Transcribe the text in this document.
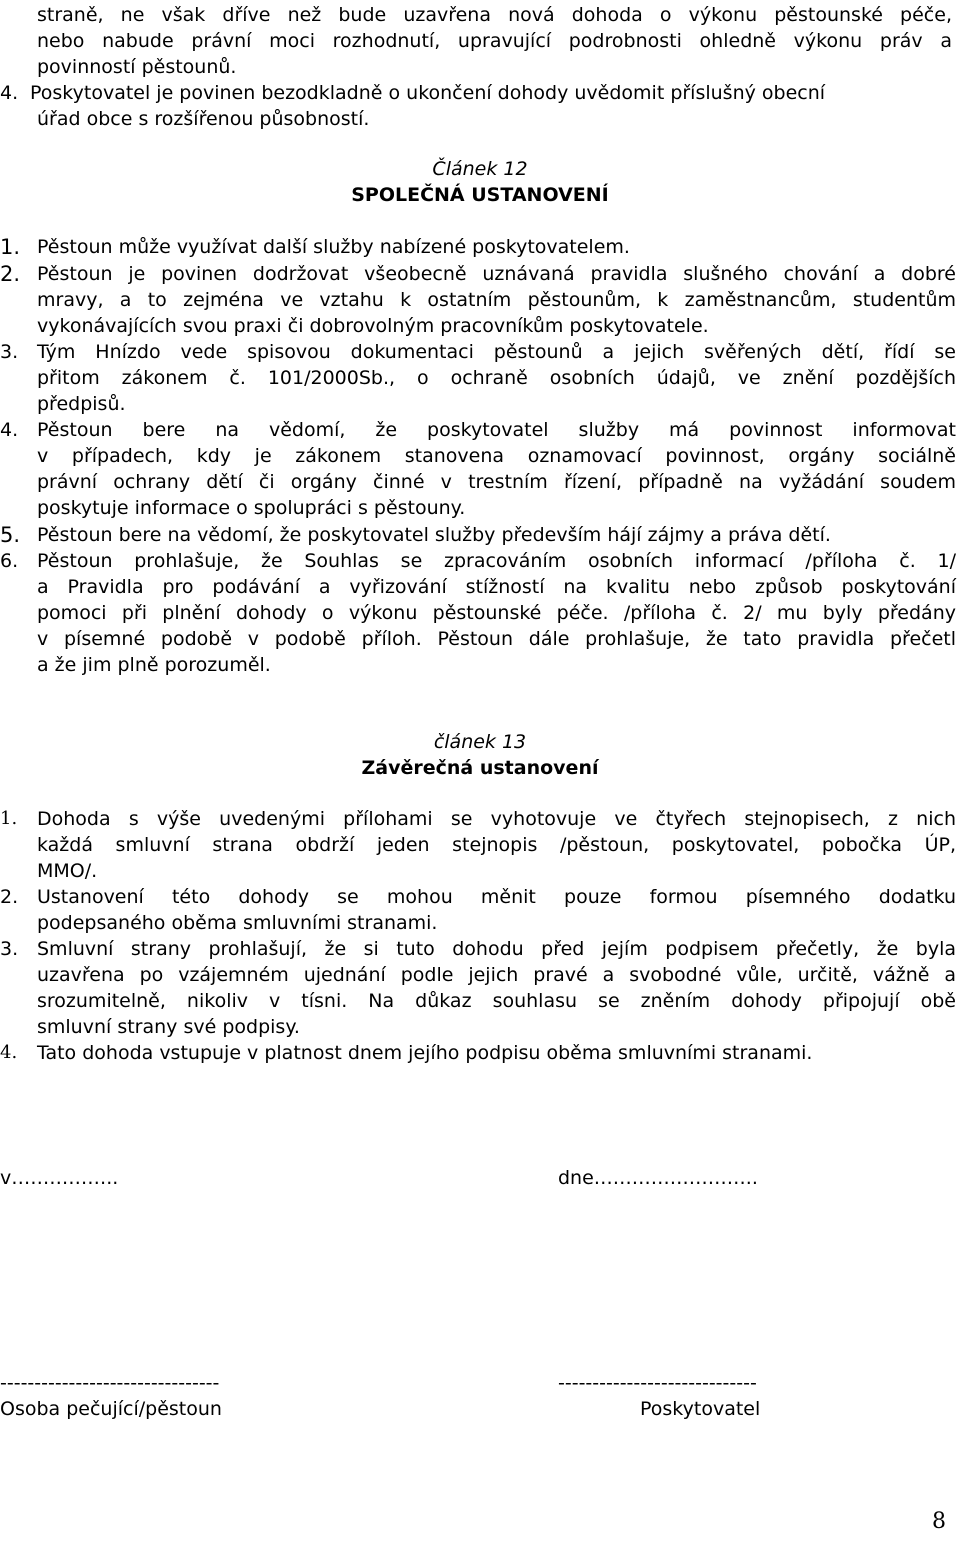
straně, ne však dříve než bude uzavřena nová dohoda o výkonu pěstounské péče,
nebo nabude právní moci rozhodnutí, upravující podrobnosti ohledně výkonu práv a
povinností pěstounů.
4. Poskytovatel je povinen bezodkladně o ukončení dohody uvědomit příslušný obecní
úřad obce s rozšířenou působností.
Článek 12
SPOLEČNÁ USTANOVENÍ
1. Pěstoun může využívat další služby nabízené poskytovatelem.
2. Pěstoun je povinen dodržovat všeobecně uznávaná pravidla slušného chování a dobré
mravy, a to zejména ve vztahu k ostatním pěstounům, k zaměstnancům, studentům
vykonávajících svou praxi či dobrovolným pracovníkům poskytovatele.
3. Tým Hnízdo vede spisovou dokumentaci pěstounů a jejich svěřených dětí, řídí se
přitom zákonem č. 101/2000Sb., o ochraně osobních údajů, ve znění pozdějších
předpisů.
4. Pěstoun bere na vědomí, že poskytovatel služby má povinnost informovat
v případech, kdy je zákonem stanovena oznamovací povinnost, orgány sociálně
právní ochrany dětí či orgány činné v trestním řízení, případně na vyžádání soudem
poskytuje informace o spolupráci s pěstouny.
5. Pěstoun bere na vědomí, že poskytovatel služby především hájí zájmy a práva dětí.
6. Pěstoun prohlašuje, že Souhlas se zpracováním osobních informací /příloha č. 1/
a Pravidla pro podávání a vyřizování stížností na kvalitu nebo způsob poskytování
pomoci při plnění dohody o výkonu pěstounské péče. /příloha č. 2/ mu byly předány
v písemné podobě v podobě příloh. Pěstoun dále prohlašuje, že tato pravidla přečetl
a že jim plně porozuměl.
článek 13
Závěrečná ustanovení
1. Dohoda s výše uvedenými přílohami se vyhotovuje ve čtyřech stejnopisech, z nich
každá smluvní strana obdrží jeden stejnopis /pěstoun, poskytovatel, pobočka ÚP,
MMO/.
2. Ustanovení této dohody se mohou měnit pouze formou písemného dodatku
podepsaného oběma smluvními stranami.
3. Smluvní strany prohlašují, že si tuto dohodu před jejím podpisem přečetly, že byla
uzavřena po vzájemném ujednání podle jejich pravé a svobodné vůle, určitě, vážně a
srozumitelně, nikoliv v tísni. Na důkaz souhlasu se zněním dohody připojují obě
smluvní strany své podpisy.
4. Tato dohoda vstupuje v platnost dnem jejího podpisu oběma smluvními stranami.
v……………..	dne……………………..
--------------------------------	-----------------------------
Osoba pečující/pěstoun	Poskytovatel
8
